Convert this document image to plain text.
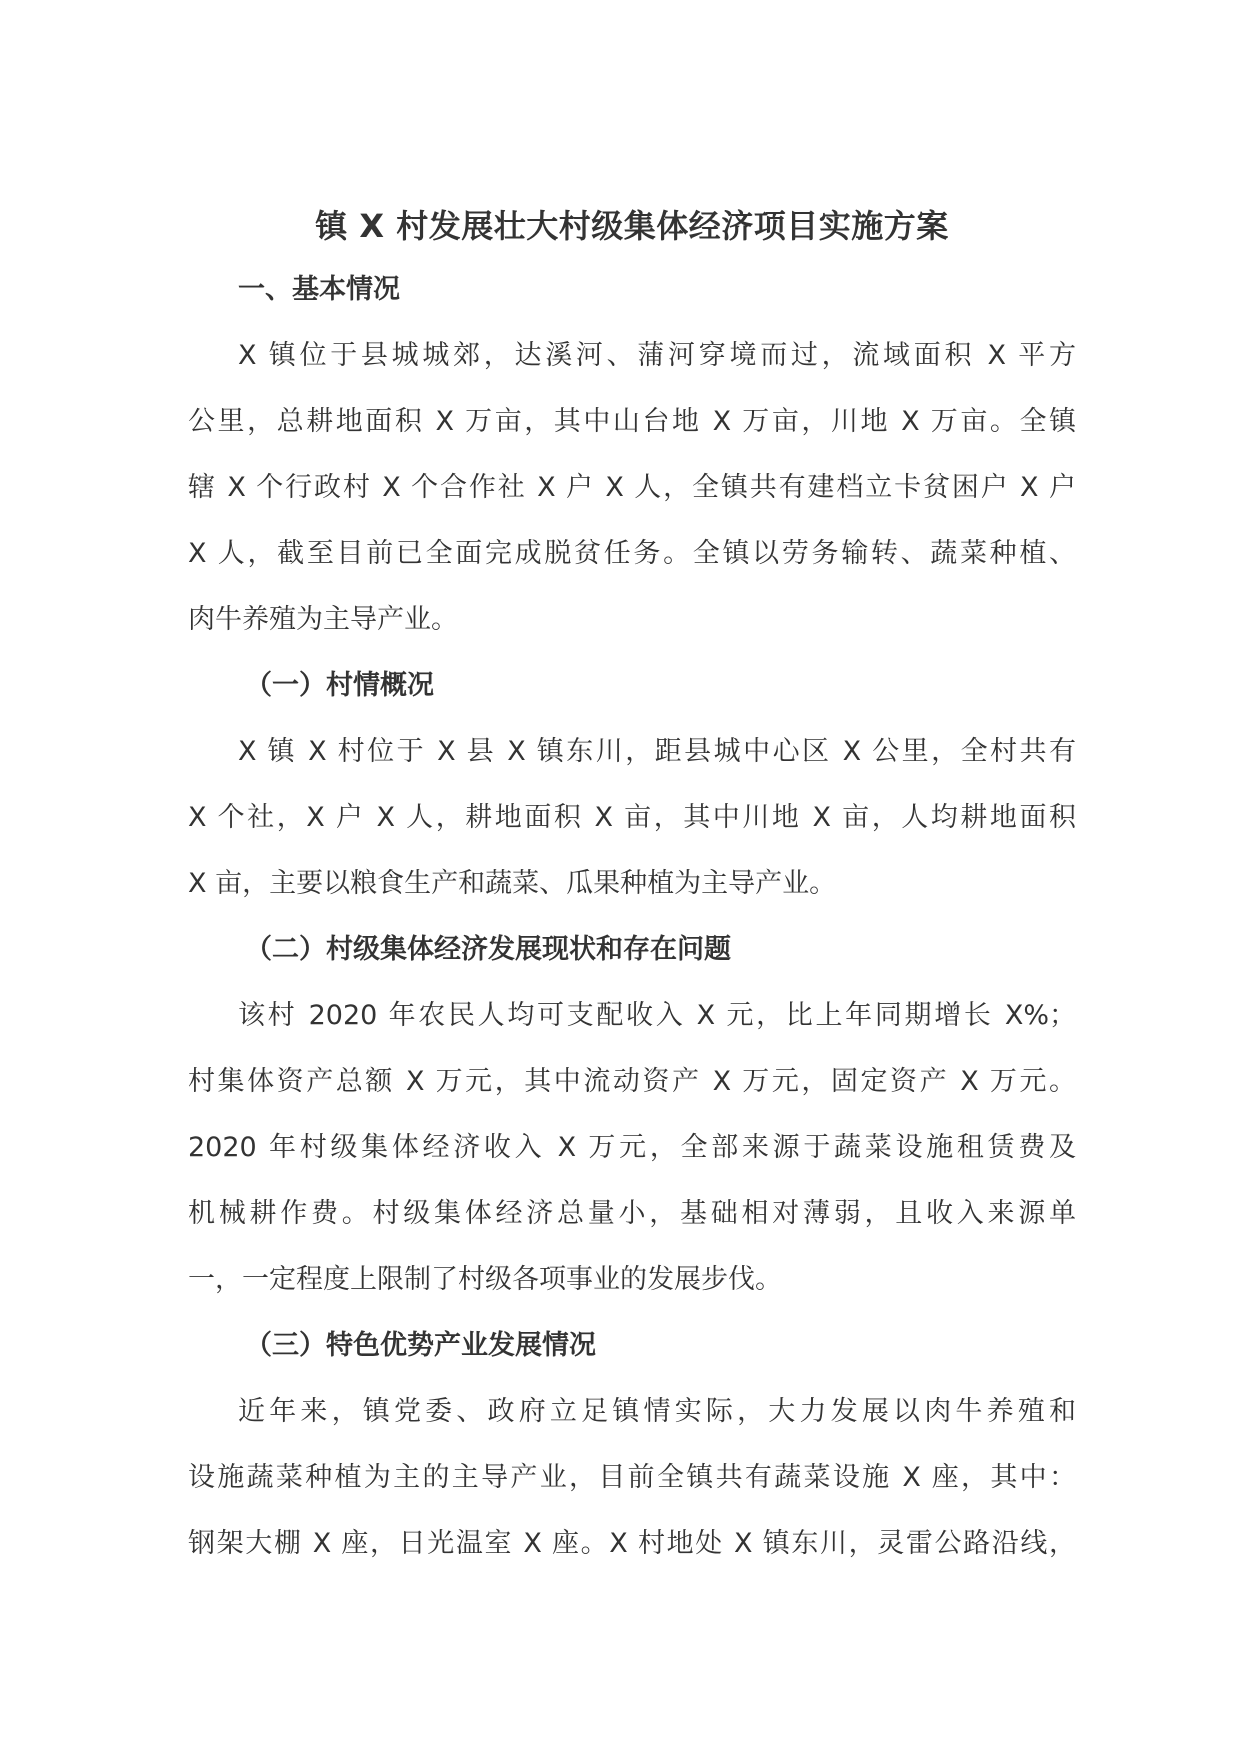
镇 X 村发展壮大村级集体经济项目实施方案
一、基本情况
X 镇位于县城城郊，达溪河、蒲河穿境而过，流域面积 X 平方
公里，总耕地面积 X 万亩，其中山台地 X 万亩，川地 X 万亩。全镇
辖 X 个行政村 X 个合作社 X 户 X 人，全镇共有建档立卡贫困户 X 户
X 人，截至目前已全面完成脱贫任务。全镇以劳务输转、蔬菜种植、
肉牛养殖为主导产业。
（一）村情概况
X 镇 X 村位于 X 县 X 镇东川，距县城中心区 X 公里，全村共有
X 个社，X 户 X 人，耕地面积 X 亩，其中川地 X 亩，人均耕地面积
X 亩，主要以粮食生产和蔬菜、瓜果种植为主导产业。
（二）村级集体经济发展现状和存在问题
该村 2020 年农民人均可支配收入 X 元，比上年同期增长 X%；
村集体资产总额 X 万元，其中流动资产 X 万元，固定资产 X 万元。
2020 年村级集体经济收入 X 万元，全部来源于蔬菜设施租赁费及
机械耕作费。村级集体经济总量小，基础相对薄弱，且收入来源单
一，一定程度上限制了村级各项事业的发展步伐。
（三）特色优势产业发展情况
近年来，镇党委、政府立足镇情实际，大力发展以肉牛养殖和
设施蔬菜种植为主的主导产业，目前全镇共有蔬菜设施 X 座，其中：
钢架大棚 X 座，日光温室 X 座。X 村地处 X 镇东川，灵雷公路沿线，
